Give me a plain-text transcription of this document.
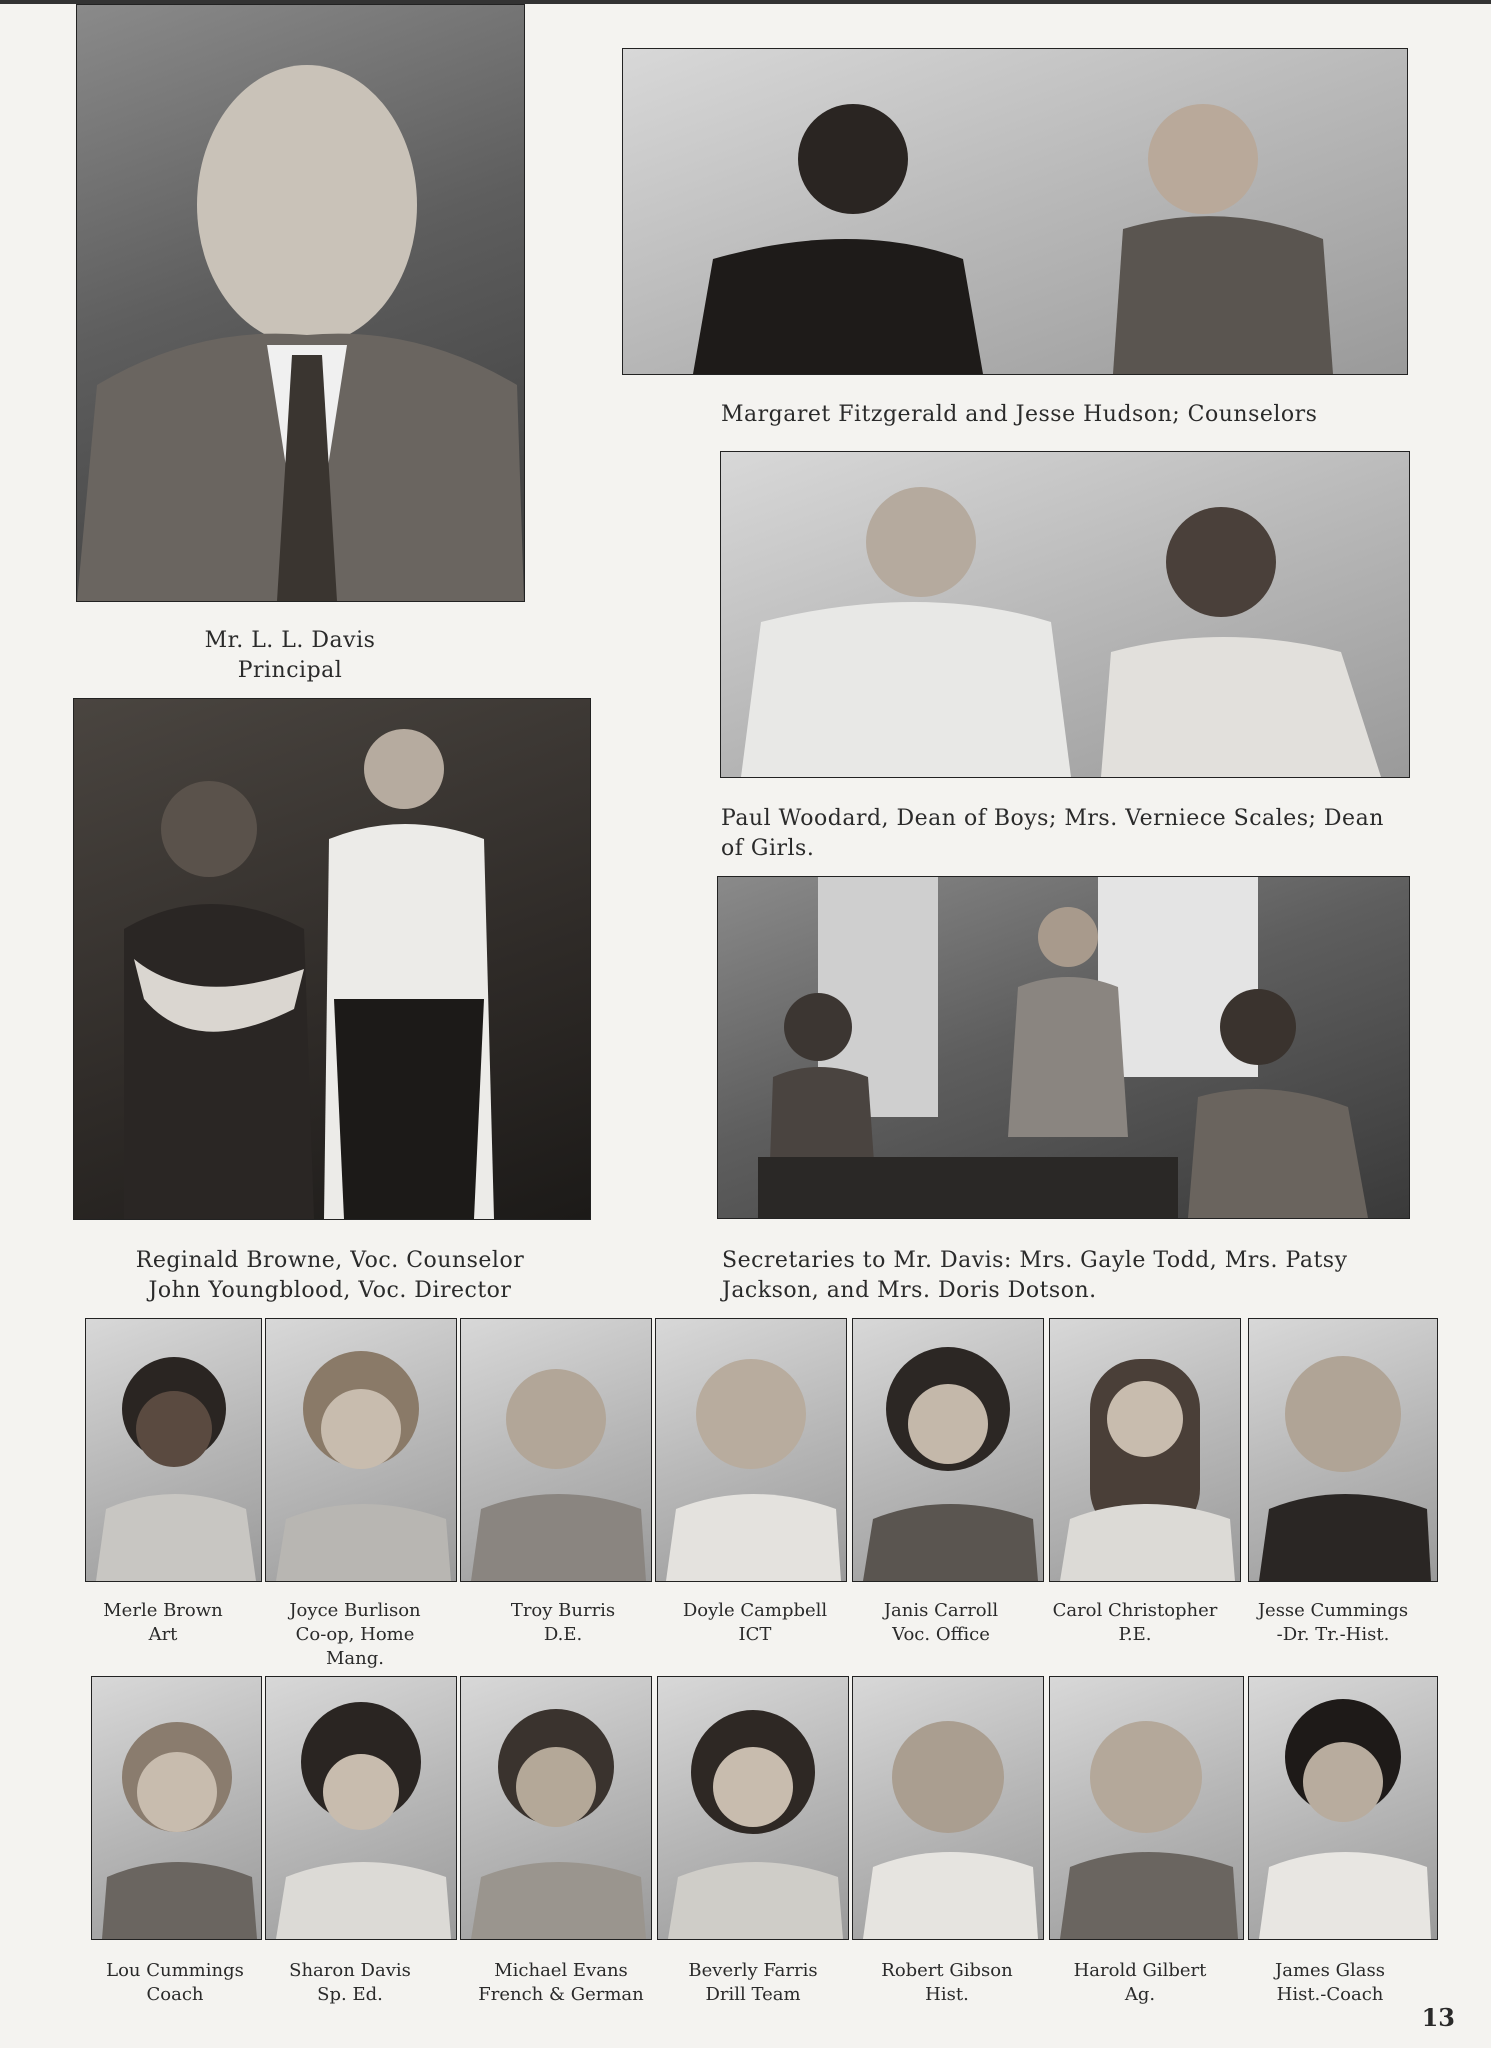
Mr. L. L. Davis
Principal
Margaret Fitzgerald and Jesse Hudson; Counselors
Paul Woodard, Dean of Boys; Mrs. Verniece Scales; Dean
of Girls.
Reginald Browne, Voc. Counselor
John Youngblood, Voc. Director
Secretaries to Mr. Davis: Mrs. Gayle Todd, Mrs. Patsy
Jackson, and Mrs. Doris Dotson.
Merle Brown
Art
Joyce Burlison
Co-op, Home
Mang.
Troy Burris
D.E.
Doyle Campbell
ICT
Janis Carroll
Voc. Office
Carol Christopher
P.E.
Jesse Cummings
-Dr. Tr.-Hist.
Lou Cummings
Coach
Sharon Davis
Sp. Ed.
Michael Evans
French & German
Beverly Farris
Drill Team
Robert Gibson
Hist.
Harold Gilbert
Ag.
James Glass
Hist.-Coach
13
